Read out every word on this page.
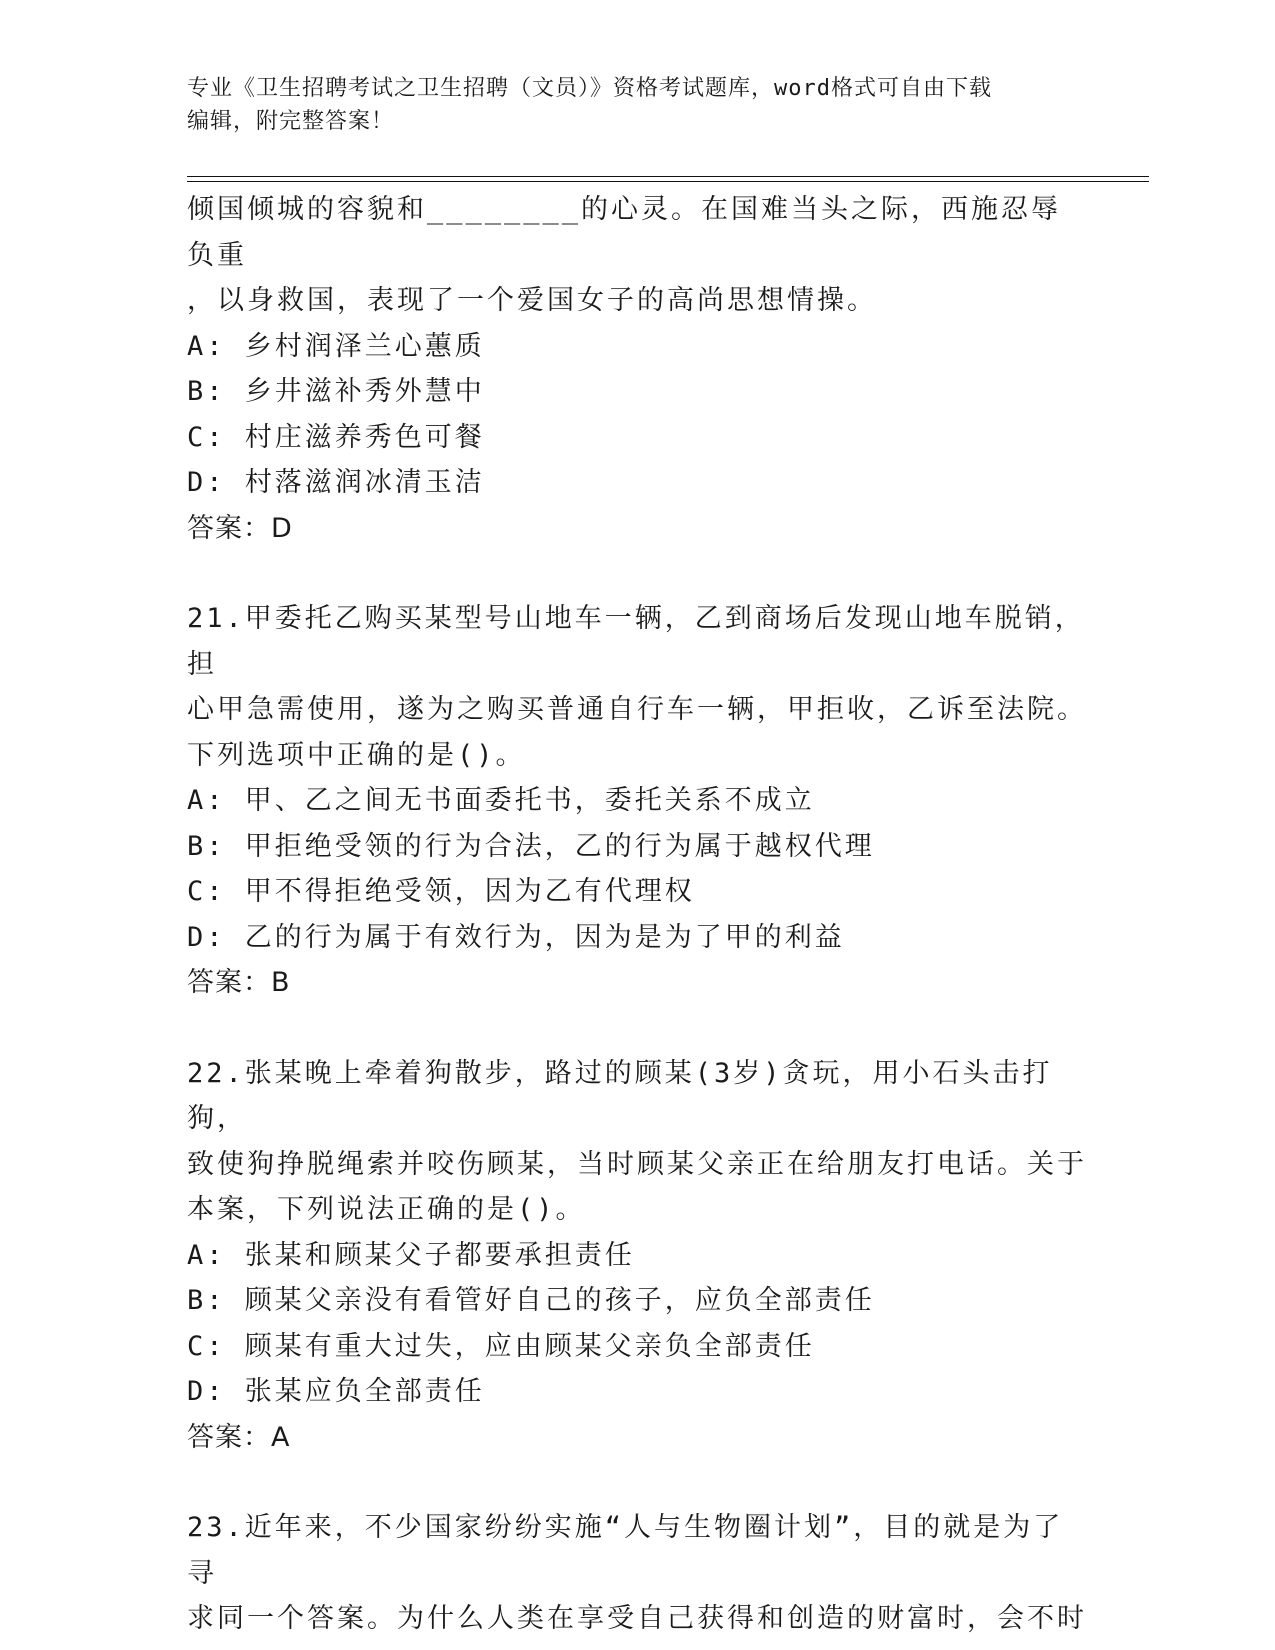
专业《卫生招聘考试之卫生招聘（文员）》资格考试题库，word格式可自由下载
编辑，附完整答案！

倾国倾城的容貌和________的心灵。在国难当头之际，西施忍辱负重

，以身救国，表现了一个爱国女子的高尚思想情操。

A: 乡村润泽兰心蕙质

B: 乡井滋补秀外慧中

C: 村庄滋养秀色可餐

D: 村落滋润冰清玉洁

答案：D

21.甲委托乙购买某型号山地车一辆，乙到商场后发现山地车脱销，担

心甲急需使用，遂为之购买普通自行车一辆，甲拒收，乙诉至法院。

下列选项中正确的是()。

A: 甲、乙之间无书面委托书，委托关系不成立

B: 甲拒绝受领的行为合法，乙的行为属于越权代理

C: 甲不得拒绝受领，因为乙有代理权

D: 乙的行为属于有效行为，因为是为了甲的利益

答案：B

22.张某晚上牵着狗散步，路过的顾某(3岁)贪玩，用小石头击打狗，

致使狗挣脱绳索并咬伤顾某，当时顾某父亲正在给朋友打电话。关于

本案，下列说法正确的是()。

A: 张某和顾某父子都要承担责任

B: 顾某父亲没有看管好自己的孩子，应负全部责任

C: 顾某有重大过失，应由顾某父亲负全部责任

D: 张某应负全部责任

答案：A

23.近年来，不少国家纷纷实施“人与生物圈计划”，目的就是为了寻

求同一个答案。为什么人类在享受自己获得和创造的财富时，会不时
